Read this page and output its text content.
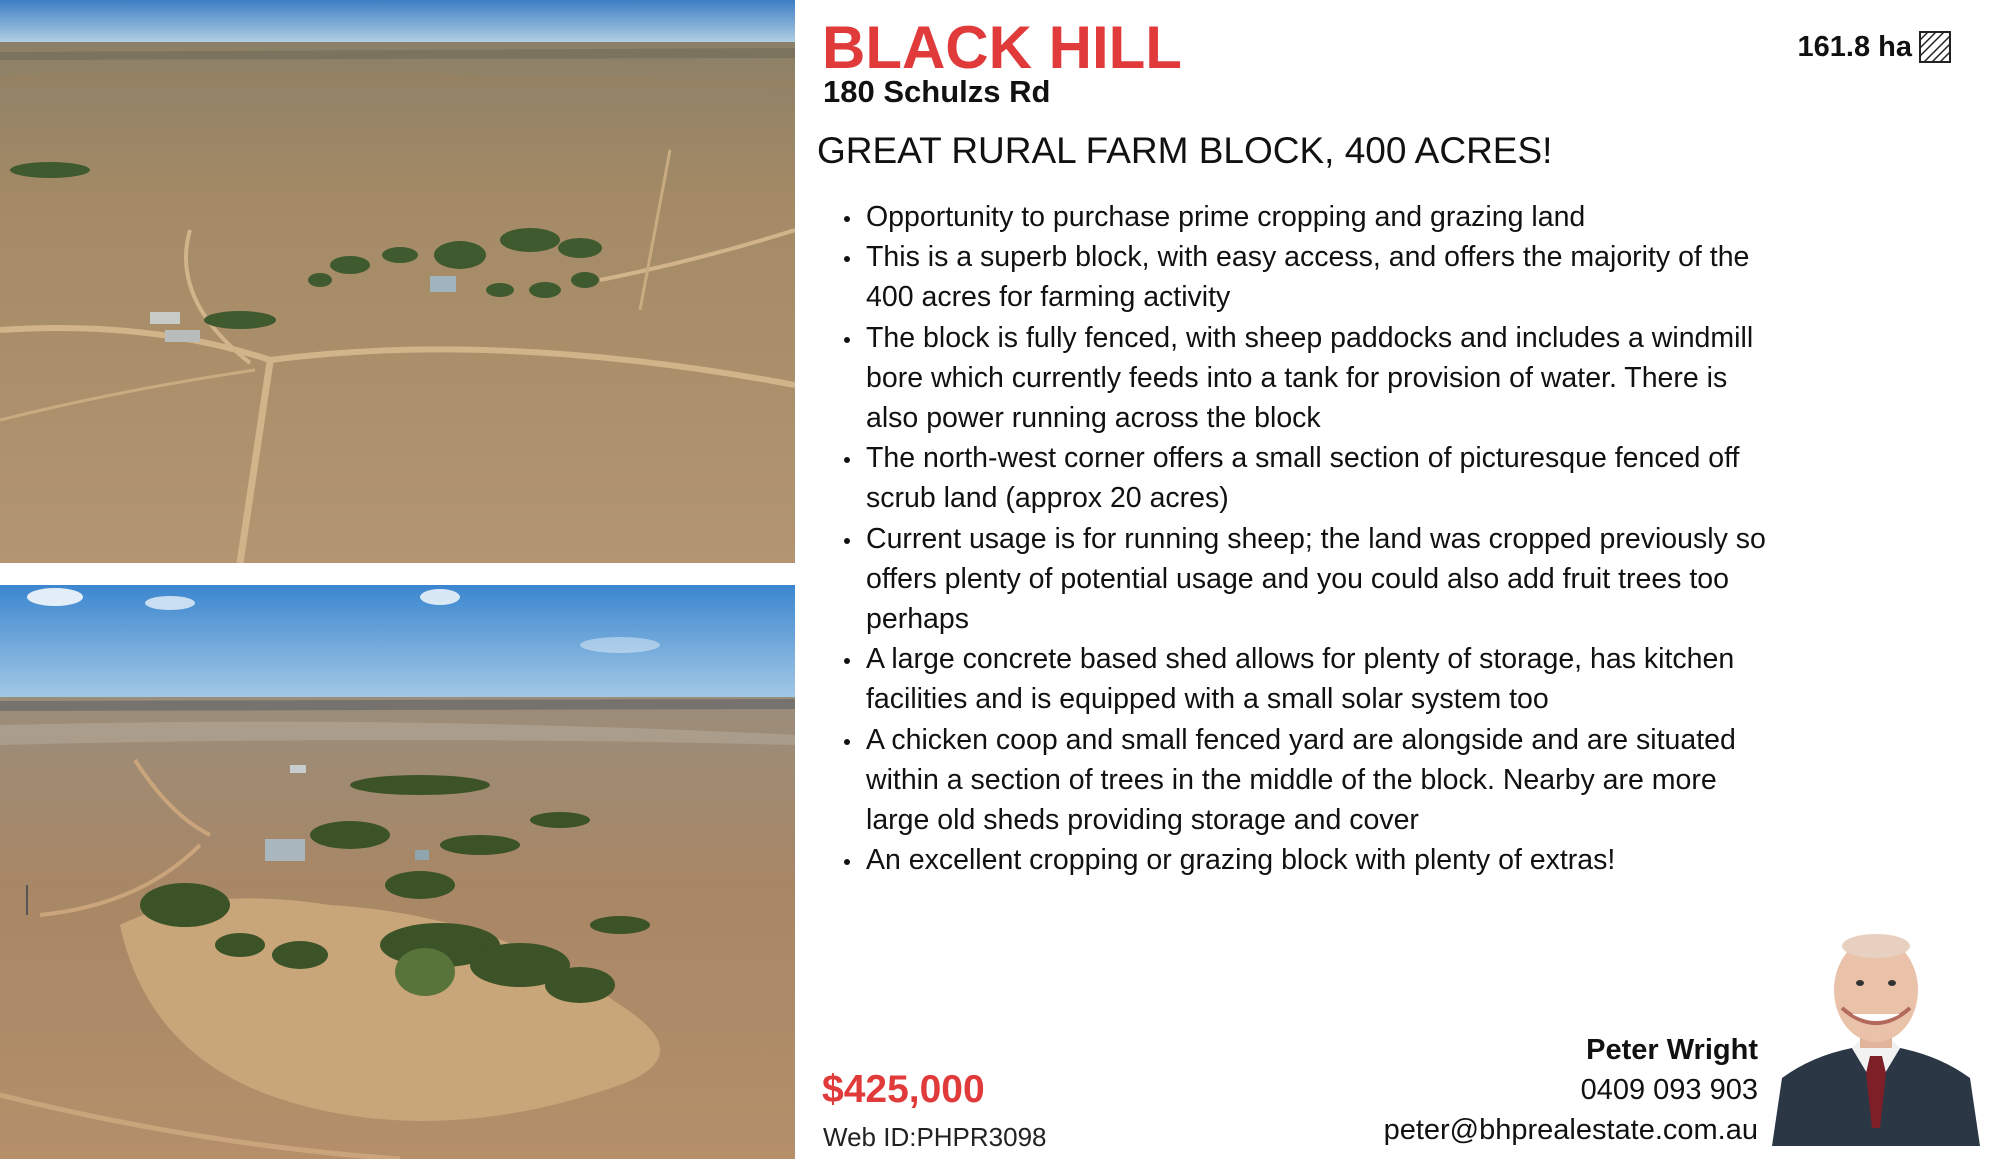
BLACK HILL
180 Schulzs Rd
161.8 ha
GREAT RURAL FARM BLOCK, 400 ACRES!
Opportunity to purchase prime cropping and grazing land
This is a superb block, with easy access, and offers the majority of the 400 acres for farming activity
The block is fully fenced, with sheep paddocks and includes a windmill bore which currently feeds into a tank for provision of water. There is also power running across the block
The north-west corner offers a small section of picturesque fenced off scrub land (approx 20 acres)
Current usage is for running sheep; the land was cropped previously so offers plenty of potential usage and you could also add fruit trees too perhaps
A large concrete based shed allows for plenty of storage, has kitchen facilities and is equipped with a small solar system too
A chicken coop and small fenced yard are alongside and are situated within a section of trees in the middle of the block. Nearby are more large old sheds providing storage and cover
An excellent cropping or grazing block with plenty of extras!
$425,000
Web ID:PHPR3098
Peter Wright
0409 093 903
peter@bhprealestate.com.au
